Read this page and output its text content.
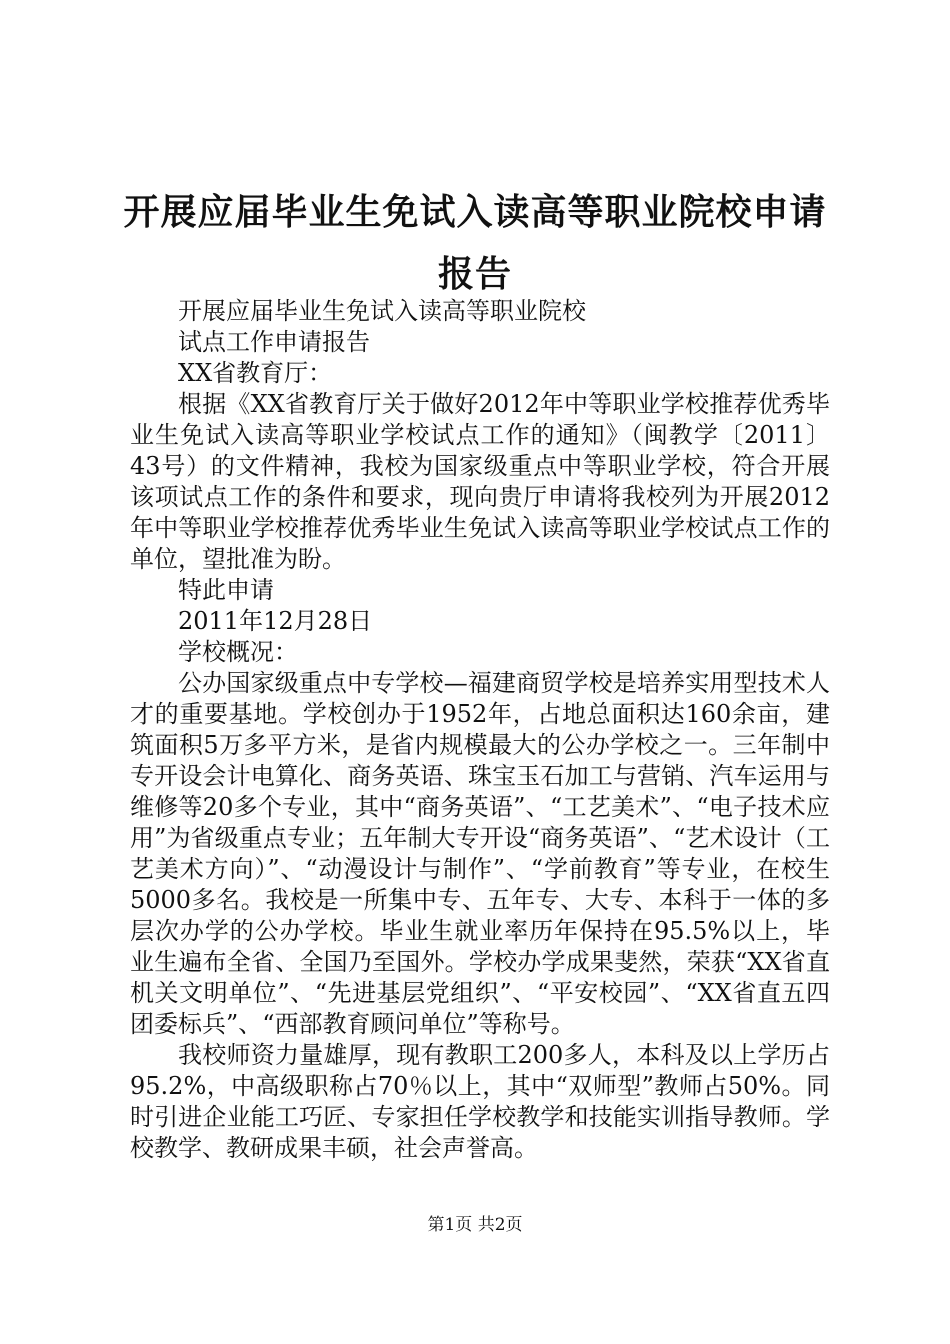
开展应届毕业生免试入读高等职业院校申请报告

开展应届毕业生免试入读高等职业院校

试点工作申请报告

XX省教育厅：

根据《XX省教育厅关于做好2012年中等职业学校推荐优秀毕业生免试入读高等职业学校试点工作的通知》（闽教学〔2011〕43号）的文件精神，我校为国家级重点中等职业学校，符合开展该项试点工作的条件和要求，现向贵厅申请将我校列为开展2012年中等职业学校推荐优秀毕业生免试入读高等职业学校试点工作的单位，望批准为盼。

特此申请

2011年12月28日

学校概况：

公办国家级重点中专学校—福建商贸学校是培养实用型技术人才的重要基地。学校创办于1952年，占地总面积达160余亩，建筑面积5万多平方米，是省内规模最大的公办学校之一。三年制中专开设会计电算化、商务英语、珠宝玉石加工与营销、汽车运用与维修等20多个专业，其中“商务英语”、“工艺美术”、“电子技术应用”为省级重点专业；五年制大专开设“商务英语”、“艺术设计（工艺美术方向）”、“动漫设计与制作”、“学前教育”等专业，在校生5000多名。我校是一所集中专、五年专、大专、本科于一体的多层次办学的公办学校。毕业生就业率历年保持在95.5%以上，毕业生遍布全省、全国乃至国外。学校办学成果斐然，荣获“XX省直机关文明单位”、“先进基层党组织”、“平安校园”、“XX省直五四团委标兵”、“西部教育顾问单位”等称号。

我校师资力量雄厚，现有教职工200多人，本科及以上学历占95.2%，中高级职称占70％以上，其中“双师型”教师占50%。同时引进企业能工巧匠、专家担任学校教学和技能实训指导教师。学校教学、教研成果丰硕，社会声誉高。

第1页 共2页
